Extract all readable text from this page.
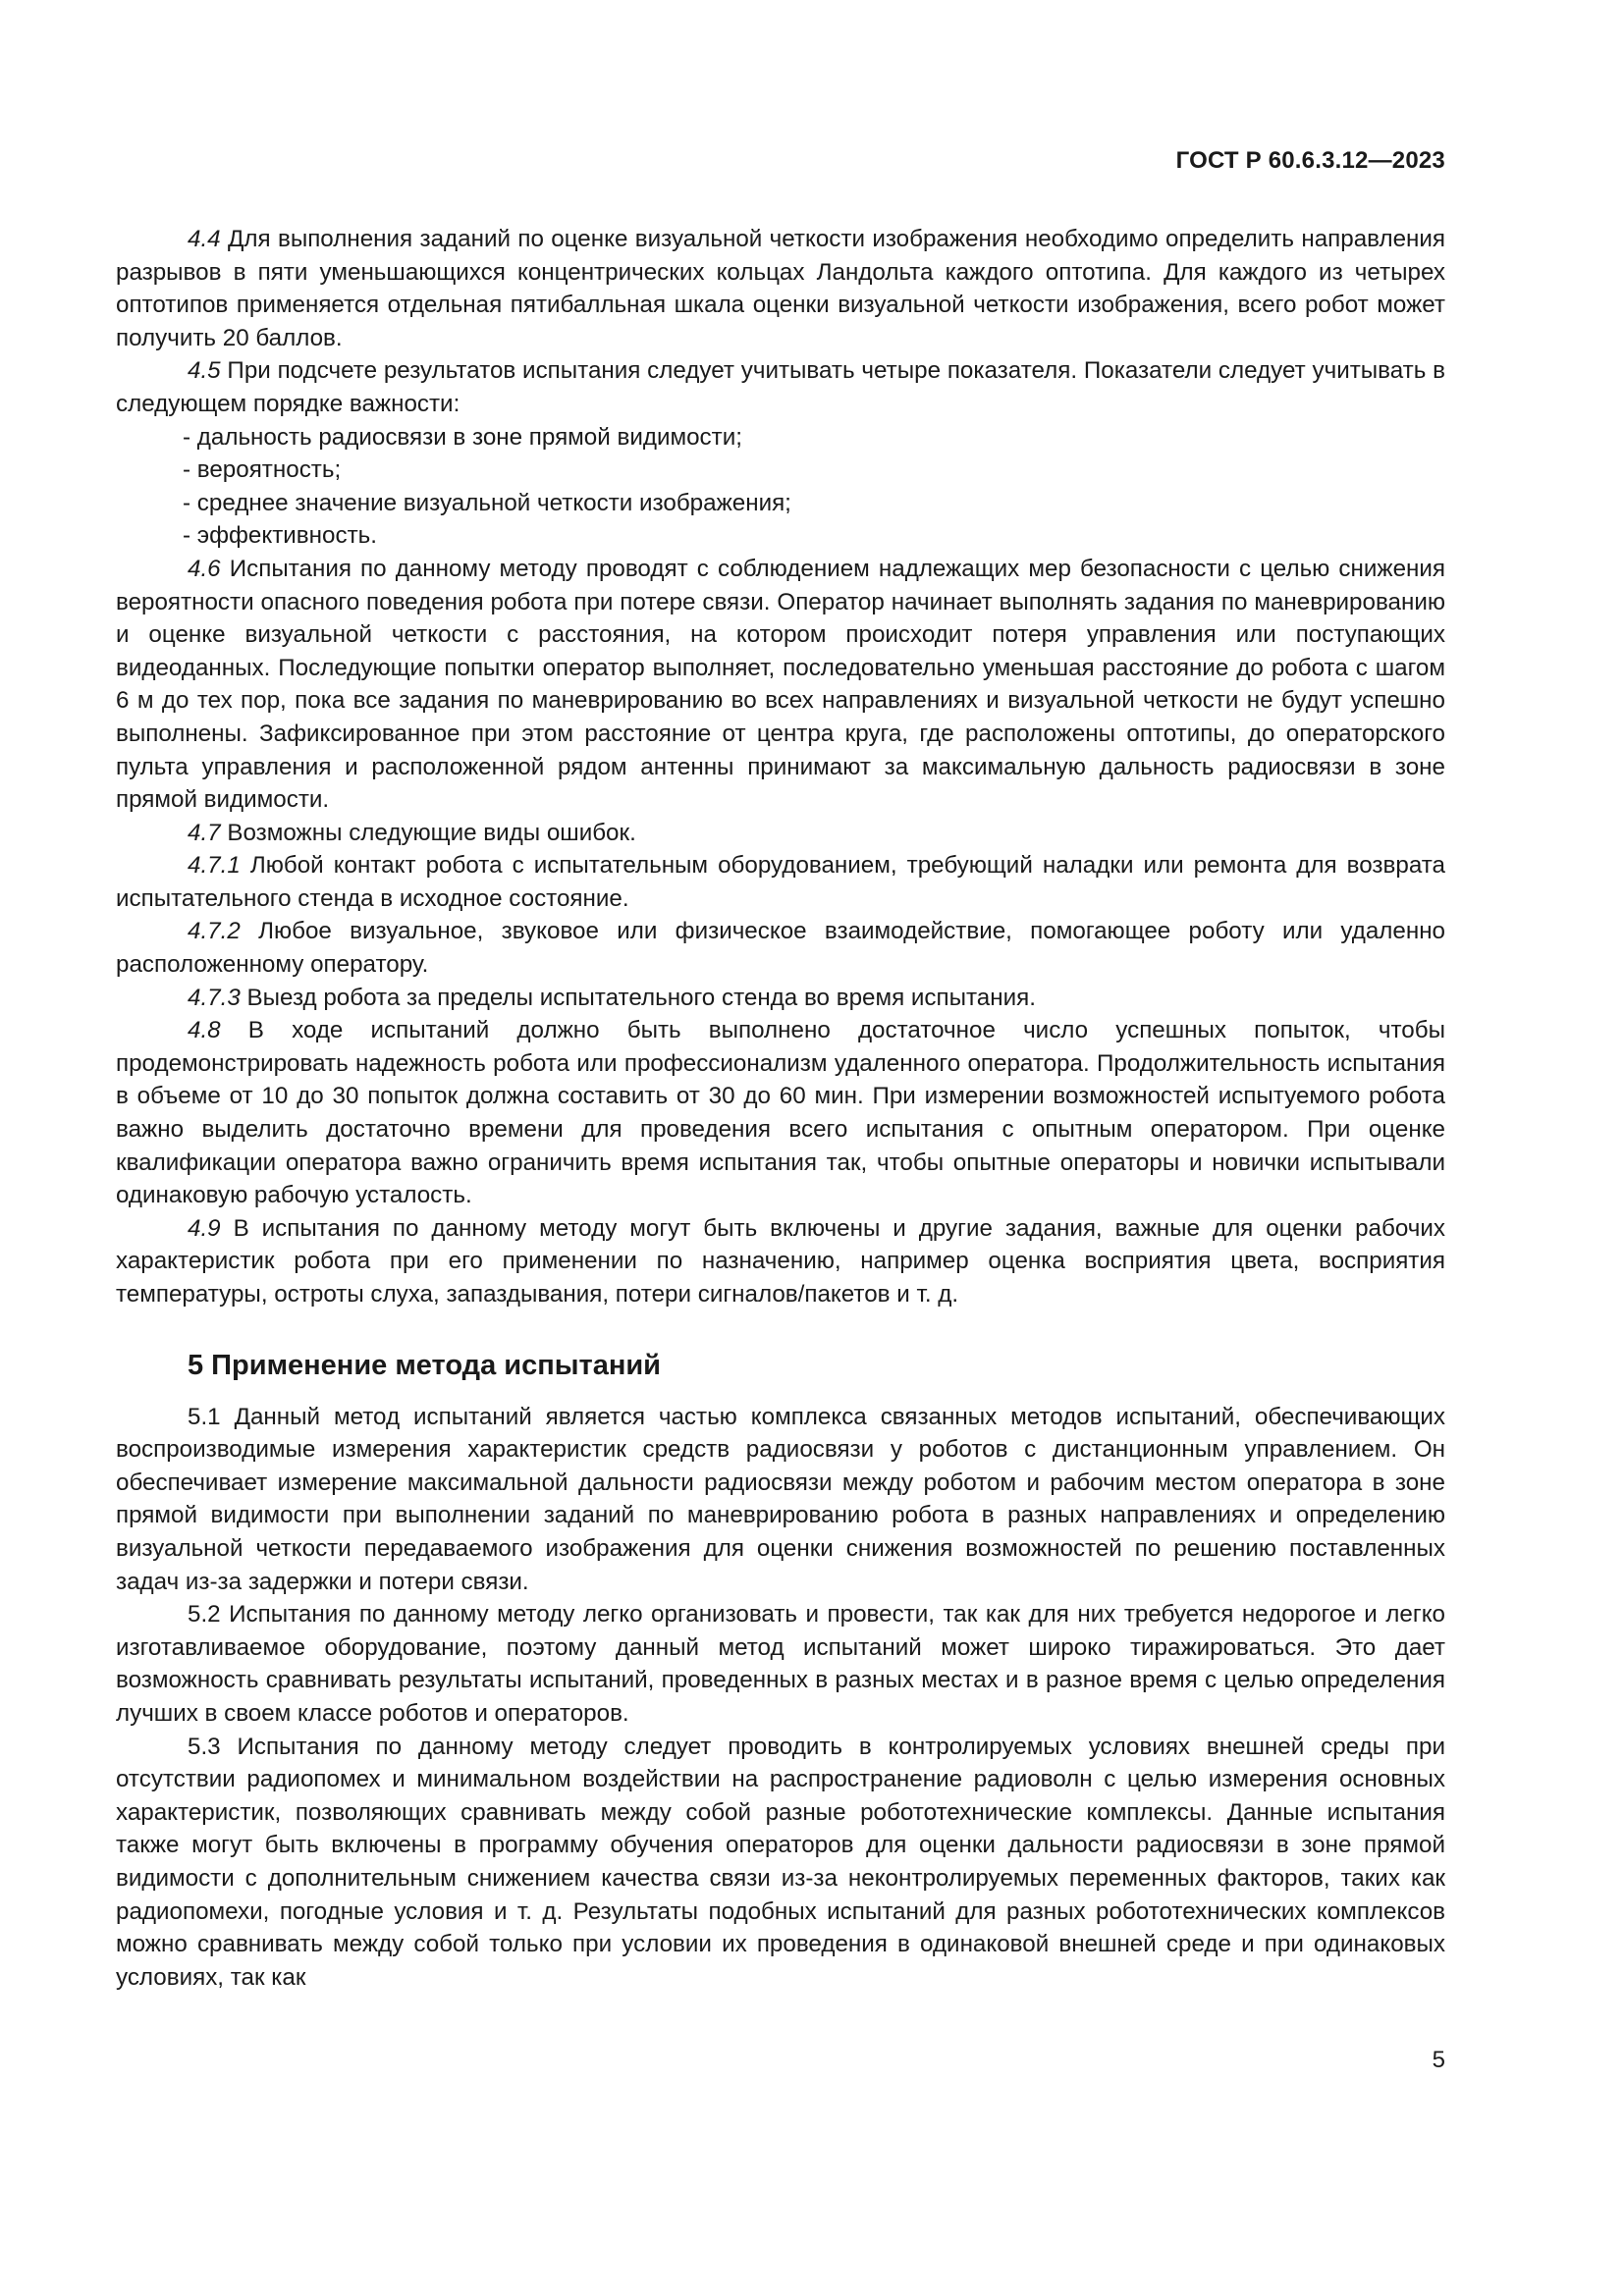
ГОСТ Р 60.6.3.12—2023

4.4 Для выполнения заданий по оценке визуальной четкости изображения необходимо определить направления разрывов в пяти уменьшающихся концентрических кольцах Ландольта каждого оптотипа. Для каждого из четырех оптотипов применяется отдельная пятибалльная шкала оценки визуальной четкости изображения, всего робот может получить 20 баллов.

4.5 При подсчете результатов испытания следует учитывать четыре показателя. Показатели следует учитывать в следующем порядке важности:

- дальность радиосвязи в зоне прямой видимости;

- вероятность;

- среднее значение визуальной четкости изображения;

- эффективность.

4.6 Испытания по данному методу проводят с соблюдением надлежащих мер безопасности с целью снижения вероятности опасного поведения робота при потере связи. Оператор начинает выполнять задания по маневрированию и оценке визуальной четкости с расстояния, на котором происходит потеря управления или поступающих видеоданных. Последующие попытки оператор выполняет, последовательно уменьшая расстояние до робота с шагом 6 м до тех пор, пока все задания по маневрированию во всех направлениях и визуальной четкости не будут успешно выполнены. Зафиксированное при этом расстояние от центра круга, где расположены оптотипы, до операторского пульта управления и расположенной рядом антенны принимают за максимальную дальность радиосвязи в зоне прямой видимости.

4.7 Возможны следующие виды ошибок.

4.7.1 Любой контакт робота с испытательным оборудованием, требующий наладки или ремонта для возврата испытательного стенда в исходное состояние.

4.7.2 Любое визуальное, звуковое или физическое взаимодействие, помогающее роботу или удаленно расположенному оператору.

4.7.3 Выезд робота за пределы испытательного стенда во время испытания.

4.8 В ходе испытаний должно быть выполнено достаточное число успешных попыток, чтобы продемонстрировать надежность робота или профессионализм удаленного оператора. Продолжительность испытания в объеме от 10 до 30 попыток должна составить от 30 до 60 мин. При измерении возможностей испытуемого робота важно выделить достаточно времени для проведения всего испытания с опытным оператором. При оценке квалификации оператора важно ограничить время испытания так, чтобы опытные операторы и новички испытывали одинаковую рабочую усталость.

4.9 В испытания по данному методу могут быть включены и другие задания, важные для оценки рабочих характеристик робота при его применении по назначению, например оценка восприятия цвета, восприятия температуры, остроты слуха, запаздывания, потери сигналов/пакетов и т. д.

5 Применение метода испытаний

5.1 Данный метод испытаний является частью комплекса связанных методов испытаний, обеспечивающих воспроизводимые измерения характеристик средств радиосвязи у роботов с дистанционным управлением. Он обеспечивает измерение максимальной дальности радиосвязи между роботом и рабочим местом оператора в зоне прямой видимости при выполнении заданий по маневрированию робота в разных направлениях и определению визуальной четкости передаваемого изображения для оценки снижения возможностей по решению поставленных задач из-за задержки и потери связи.

5.2 Испытания по данному методу легко организовать и провести, так как для них требуется недорогое и легко изготавливаемое оборудование, поэтому данный метод испытаний может широко тиражироваться. Это дает возможность сравнивать результаты испытаний, проведенных в разных местах и в разное время с целью определения лучших в своем классе роботов и операторов.

5.3 Испытания по данному методу следует проводить в контролируемых условиях внешней среды при отсутствии радиопомех и минимальном воздействии на распространение радиоволн с целью измерения основных характеристик, позволяющих сравнивать между собой разные робототехнические комплексы. Данные испытания также могут быть включены в программу обучения операторов для оценки дальности радиосвязи в зоне прямой видимости с дополнительным снижением качества связи из-за неконтролируемых переменных факторов, таких как радиопомехи, погодные условия и т. д. Результаты подобных испытаний для разных робототехнических комплексов можно сравнивать между собой только при условии их проведения в одинаковой внешней среде и при одинаковых условиях, так как

5
